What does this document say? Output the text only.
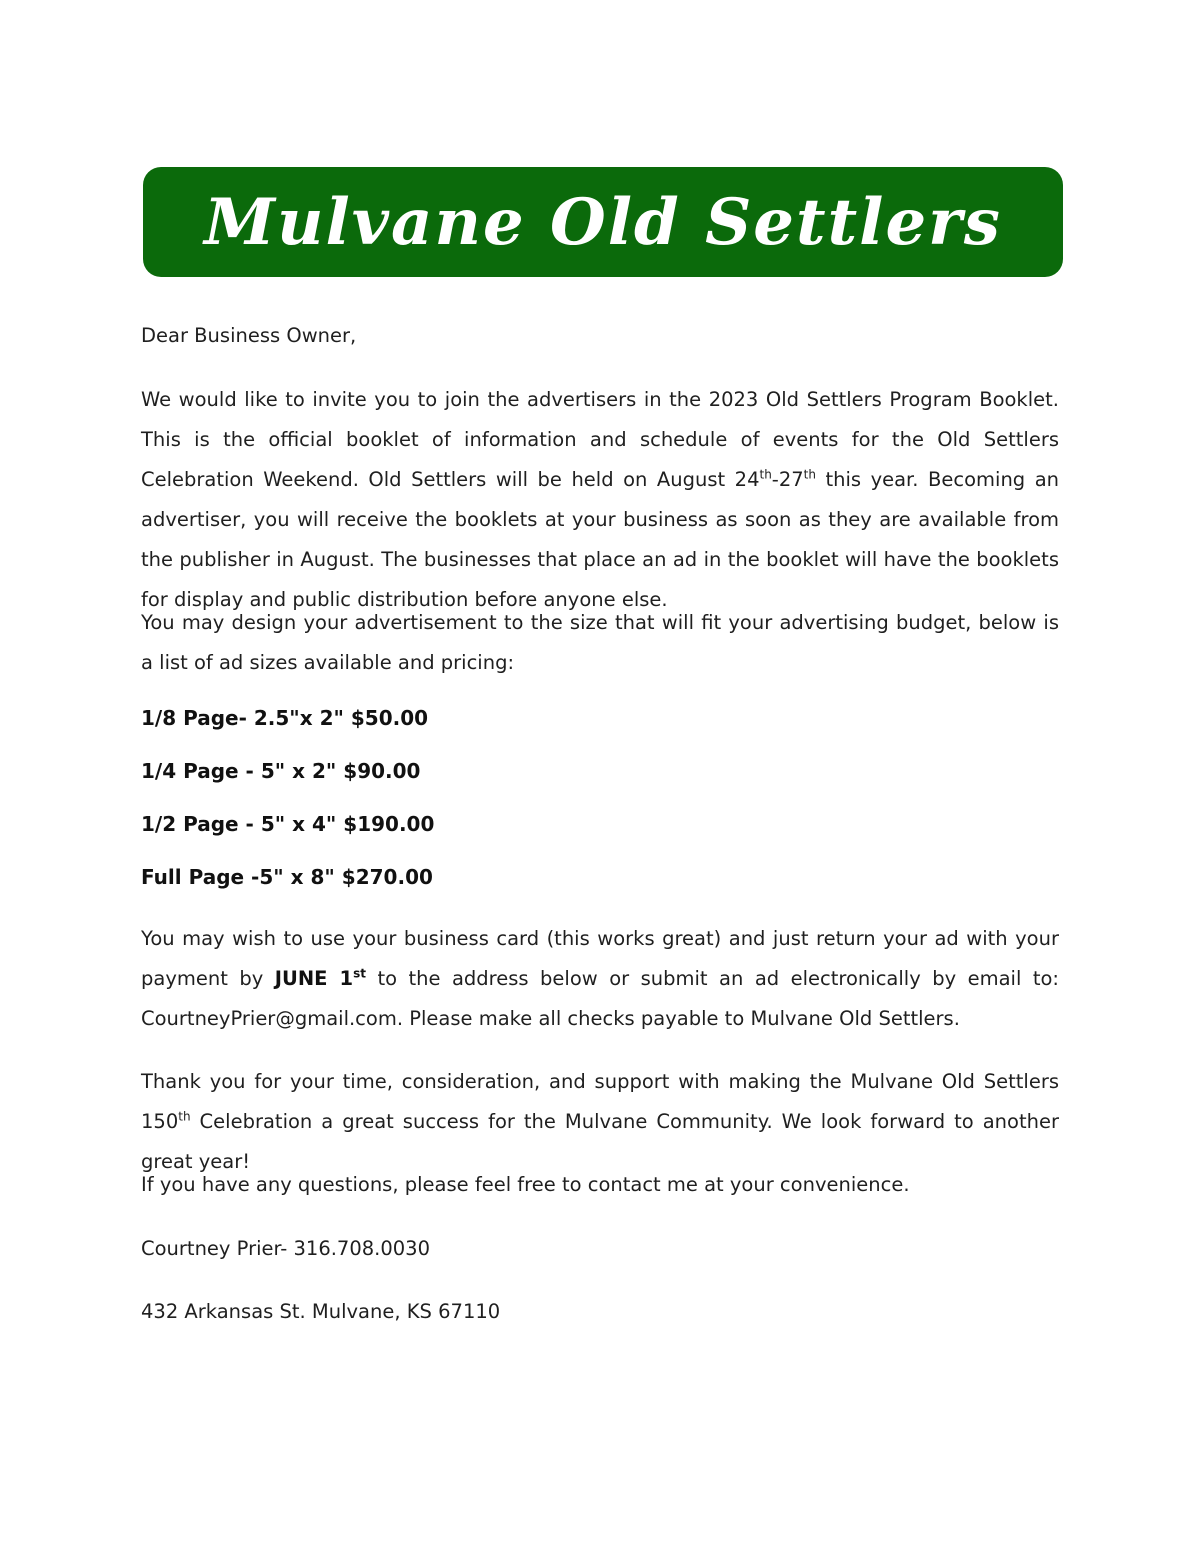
Mulvane Old Settlers

Dear Business Owner,

We would like to invite you to join the advertisers in the 2023 Old Settlers Program Booklet. This is the official booklet of information and schedule of events for the Old Settlers Celebration Weekend. Old Settlers will be held on August 24th-27th this year. Becoming an advertiser, you will receive the booklets at your business as soon as they are available from the publisher in August. The businesses that place an ad in the booklet will have the booklets for display and public distribution before anyone else.

You may design your advertisement to the size that will fit your advertising budget, below is a list of ad sizes available and pricing:

1/8 Page- 2.5"x 2" $50.00

1/4 Page - 5" x 2" $90.00

1/2 Page - 5" x 4" $190.00

Full Page -5" x 8" $270.00

You may wish to use your business card (this works great) and just return your ad with your payment by JUNE 1st to the address below or submit an ad electronically by email to: CourtneyPrier@gmail.com. Please make all checks payable to Mulvane Old Settlers.

Thank you for your time, consideration, and support with making the Mulvane Old Settlers 150th Celebration a great success for the Mulvane Community. We look forward to another great year!

If you have any questions, please feel free to contact me at your convenience.

Courtney Prier- 316.708.0030

432 Arkansas St. Mulvane, KS 67110
